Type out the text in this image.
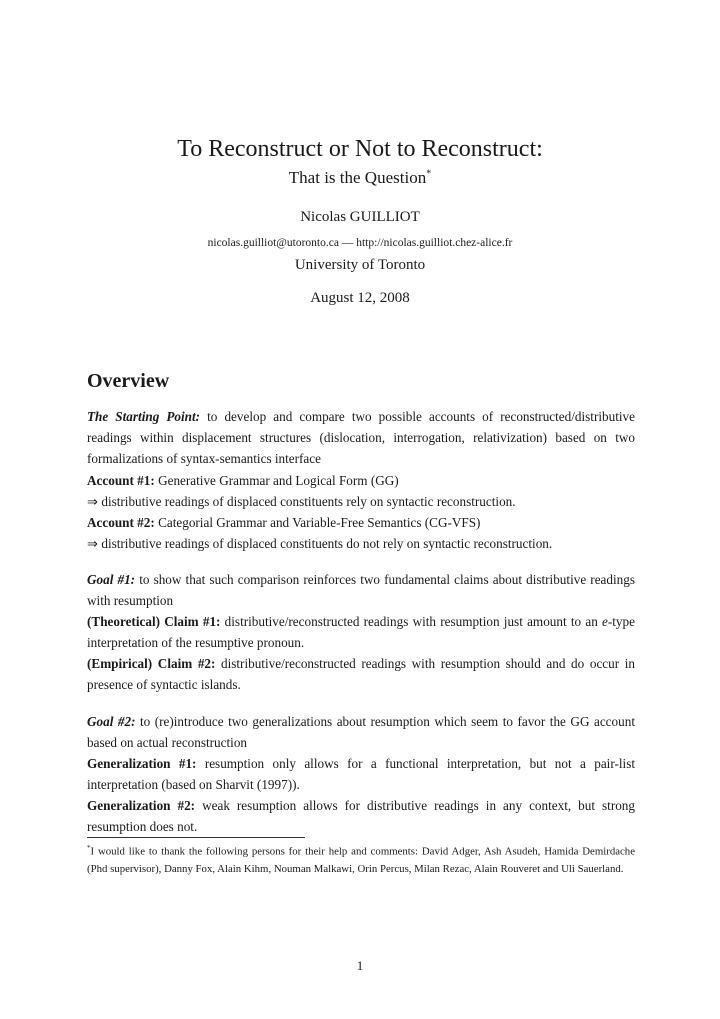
To Reconstruct or Not to Reconstruct:
That is the Question*
Nicolas GUILLIOT
nicolas.guilliot@utoronto.ca — http://nicolas.guilliot.chez-alice.fr
University of Toronto
August 12, 2008
Overview
The Starting Point: to develop and compare two possible accounts of reconstructed/distributive readings within displacement structures (dislocation, interrogation, relativization) based on two formalizations of syntax-semantics interface
Account #1: Generative Grammar and Logical Form (GG)
⇒ distributive readings of displaced constituents rely on syntactic reconstruction.
Account #2: Categorial Grammar and Variable-Free Semantics (CG-VFS)
⇒ distributive readings of displaced constituents do not rely on syntactic reconstruction.
Goal #1: to show that such comparison reinforces two fundamental claims about distributive readings with resumption
(Theoretical) Claim #1: distributive/reconstructed readings with resumption just amount to an e-type interpretation of the resumptive pronoun.
(Empirical) Claim #2: distributive/reconstructed readings with resumption should and do occur in presence of syntactic islands.
Goal #2: to (re)introduce two generalizations about resumption which seem to favor the GG account based on actual reconstruction
Generalization #1: resumption only allows for a functional interpretation, but not a pair-list interpretation (based on Sharvit (1997)).
Generalization #2: weak resumption allows for distributive readings in any context, but strong resumption does not.
*I would like to thank the following persons for their help and comments: David Adger, Ash Asudeh, Hamida Demirdache (Phd supervisor), Danny Fox, Alain Kihm, Nouman Malkawi, Orin Percus, Milan Rezac, Alain Rouveret and Uli Sauerland.
1
